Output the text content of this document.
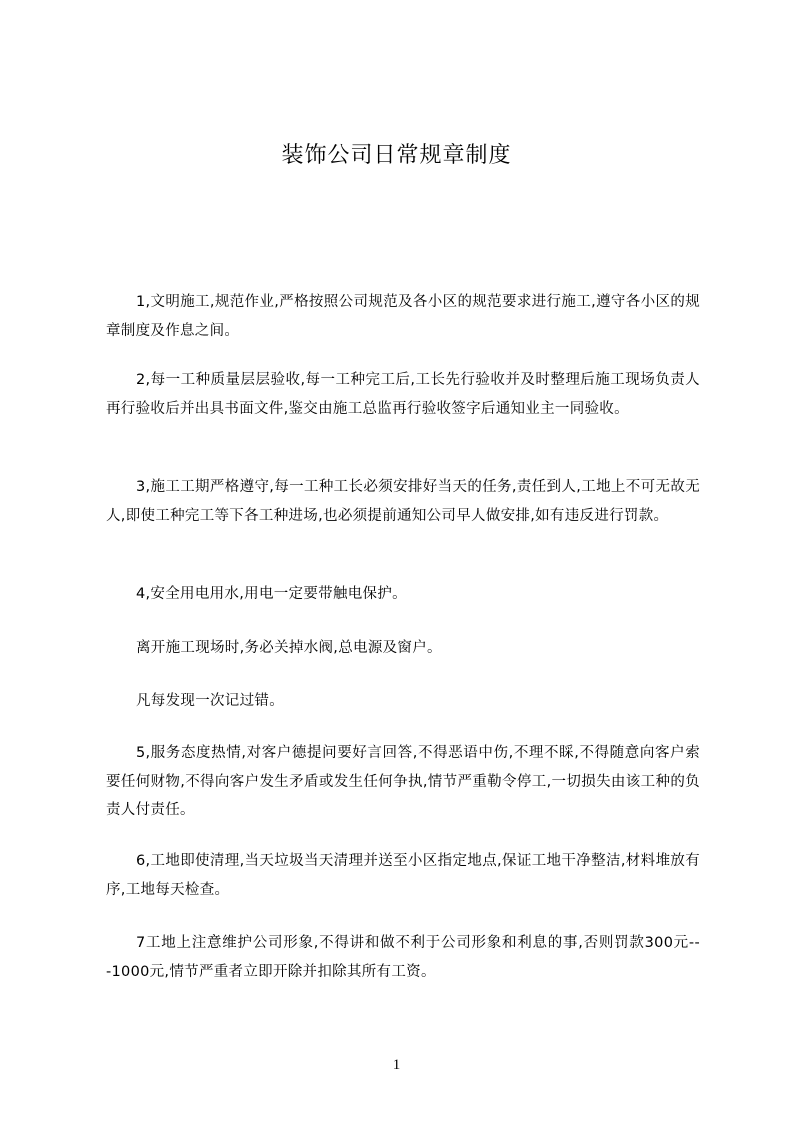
装饰公司日常规章制度

1,文明施工,规范作业,严格按照公司规范及各小区的规范要求进行施工,遵守各小区的规章制度及作息之间。

2,每一工种质量层层验收,每一工种完工后,工长先行验收并及时整理后施工现场负责人再行验收后并出具书面文件,鉴交由施工总监再行验收签字后通知业主一同验收。

3,施工工期严格遵守,每一工种工长必须安排好当天的任务,责任到人,工地上不可无故无人,即使工种完工等下各工种进场,也必须提前通知公司早人做安排,如有违反进行罚款。

4,安全用电用水,用电一定要带触电保护。

离开施工现场时,务必关掉水阀,总电源及窗户。

凡每发现一次记过错。

5,服务态度热情,对客户德提问要好言回答,不得恶语中伤,不理不睬,不得随意向客户索要任何财物,不得向客户发生矛盾或发生任何争执,情节严重勒令停工,一切损失由该工种的负责人付责任。

6,工地即使清理,当天垃圾当天清理并送至小区指定地点,保证工地干净整洁,材料堆放有序,工地每天检查。

7工地上注意维护公司形象,不得讲和做不利于公司形象和利息的事,否则罚款300元---1000元,情节严重者立即开除并扣除其所有工资。

1
